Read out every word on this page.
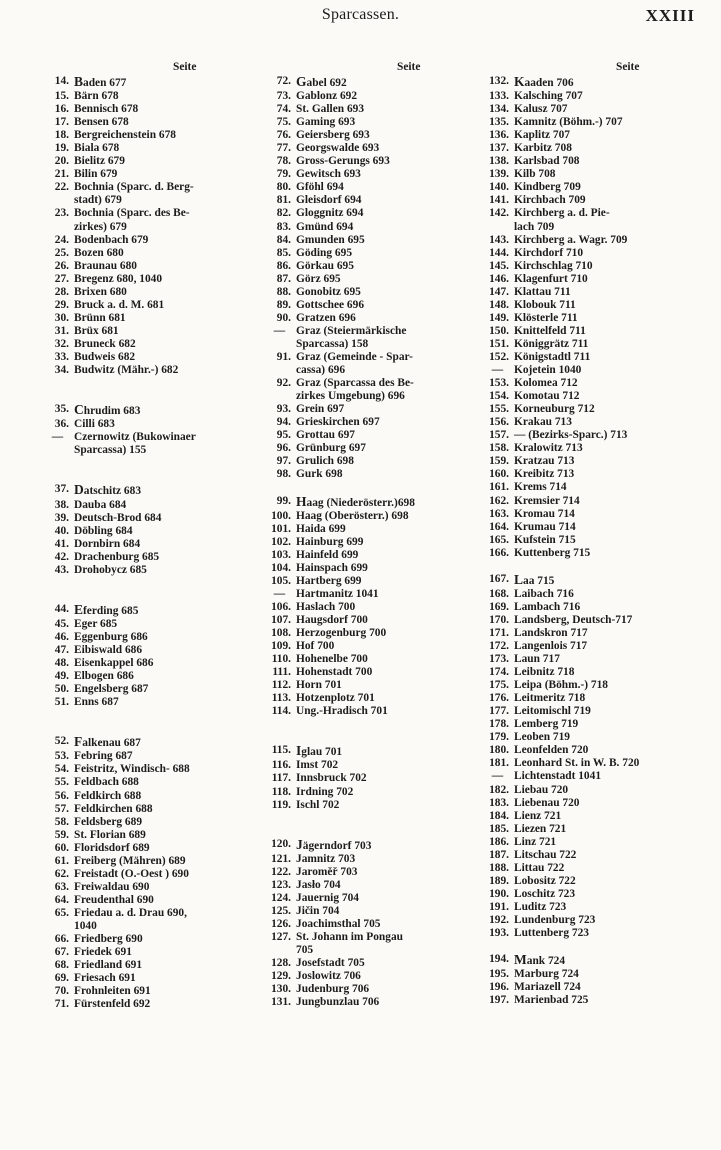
Sparcassen.	XXIII
Seite
14. Baden 677
15. Bärn 678
16. Bennisch 678
17. Bensen 678
18. Bergreichenstein 678
19. Biala 678
20. Bielitz 679
21. Bilin 679
22. Bochnia (Sparc. d. Berg-
stadt) 679
23. Bochnia (Sparc. des Be-
zirkes) 679
24. Bodenbach 679
25. Bozen 680
26. Braunau 680
27. Bregenz 680, 1040
28. Brixen 680
29. Bruck a. d. M. 681
30. Brünn 681
31. Brüx 681
32. Bruneck 682
33. Budweis 682
34. Budwitz (Mähr.-) 682
35. Chrudim 683
36. Cilli 683
— Czernowitz (Bukowinaer
Sparcassa) 155
37. Datschitz 683
38. Dauba 684
39. Deutsch-Brod 684
40. Döbling 684
41. Dornbirn 684
42. Drachenburg 685
43. Drohobycz 685
44. Eferding 685
45. Eger 685
46. Eggenburg 686
47. Eibiswald 686
48. Eisenkappel 686
49. Elbogen 686
50. Engelsberg 687
51. Enns 687
52. Falkenau 687
53. Febring 687
54. Feistritz, Windisch- 688
55. Feldbach 688
56. Feldkirch 688
57. Feldkirchen 688
58. Feldsberg 689
59. St. Florian 689
60. Floridsdorf 689
61. Freiberg (Mähren) 689
62. Freistadt (O.-Oest ) 690
63. Freiwaldau 690
64. Freudenthal 690
65. Friedau a. d. Drau 690,
1040
66. Friedberg 690
67. Friedek 691
68. Friedland 691
69. Friesach 691
70. Frohnleiten 691
71. Fürstenfeld 692
Seite
72. Gabel 692
73. Gablonz 692
74. St. Gallen 693
75. Gaming 693
76. Geiersberg 693
77. Georgswalde 693
78. Gross-Gerungs 693
79. Gewitsch 693
80. Gföhl 694
81. Gleisdorf 694
82. Gloggnitz 694
83. Gmünd 694
84. Gmunden 695
85. Göding 695
86. Görkau 695
87. Görz 695
88. Gonobitz 695
89. Gottschee 696
90. Gratzen 696
— Graz (Steiermärkische
Sparcassa) 158
91. Graz (Gemeinde - Spar-
cassa) 696
92. Graz (Sparcassa des Be-
zirkes Umgebung) 696
93. Grein 697
94. Grieskirchen 697
95. Grottau 697
96. Grünburg 697
97. Grulich 698
98. Gurk 698
99. Haag (Niederösterr.)698
100. Haag (Oberösterr.) 698
101. Haida 699
102. Hainburg 699
103. Hainfeld 699
104. Hainspach 699
105. Hartberg 699
— Hartmanitz 1041
106. Haslach 700
107. Haugsdorf 700
108. Herzogenburg 700
109. Hof 700
110. Hohenelbe 700
111. Hohenstadt 700
112. Horn 701
113. Hotzenplotz 701
114. Ung.-Hradisch 701
115. Iglau 701
116. Imst 702
117. Innsbruck 702
118. Irdning 702
119. Ischl 702
120. Jägerndorf 703
121. Jamnitz 703
122. Jaroměř 703
123. Jasło 704
124. Jauernig 704
125. Jičin 704
126. Joachimsthal 705
127. St. Johann im Pongau
705
128. Josefstadt 705
129. Joslowitz 706
130. Judenburg 706
131. Jungbunzlau 706
Seite
132. Kaaden 706
133. Kalsching 707
134. Kalusz 707
135. Kamnitz (Böhm.-) 707
136. Kaplitz 707
137. Karbitz 708
138. Karlsbad 708
139. Kilb 708
140. Kindberg 709
141. Kirchbach 709
142. Kirchberg a. d. Pie-
lach 709
143. Kirchberg a. Wagr. 709
144. Kirchdorf 710
145. Kirchschlag 710
146. Klagenfurt 710
147. Klattau 711
148. Klobouk 711
149. Klösterle 711
150. Knittelfeld 711
151. Königgrätz 711
152. Königstadtl 711
— Kojetein 1040
153. Kolomea 712
154. Komotau 712
155. Korneuburg 712
156. Krakau 713
157. — (Bezirks-Sparc.) 713
158. Kralowitz 713
159. Kratzau 713
160. Kreibitz 713
161. Krems 714
162. Kremsier 714
163. Kromau 714
164. Krumau 714
165. Kufstein 715
166. Kuttenberg 715
167. Laa 715
168. Laibach 716
169. Lambach 716
170. Landsberg, Deutsch-717
171. Landskron 717
172. Langenlois 717
173. Laun 717
174. Leibnitz 718
175. Leipa (Böhm.-) 718
176. Leitmeritz 718
177. Leitomischl 719
178. Lemberg 719
179. Leoben 719
180. Leonfelden 720
181. Leonhard St. in W. B. 720
— Lichtenstadt 1041
182. Liebau 720
183. Liebenau 720
184. Lienz 721
185. Liezen 721
186. Linz 721
187. Litschau 722
188. Littau 722
189. Lobositz 722
190. Loschitz 723
191. Luditz 723
192. Lundenburg 723
193. Luttenberg 723
194. Mank 724
195. Marburg 724
196. Mariazell 724
197. Marienbad 725
